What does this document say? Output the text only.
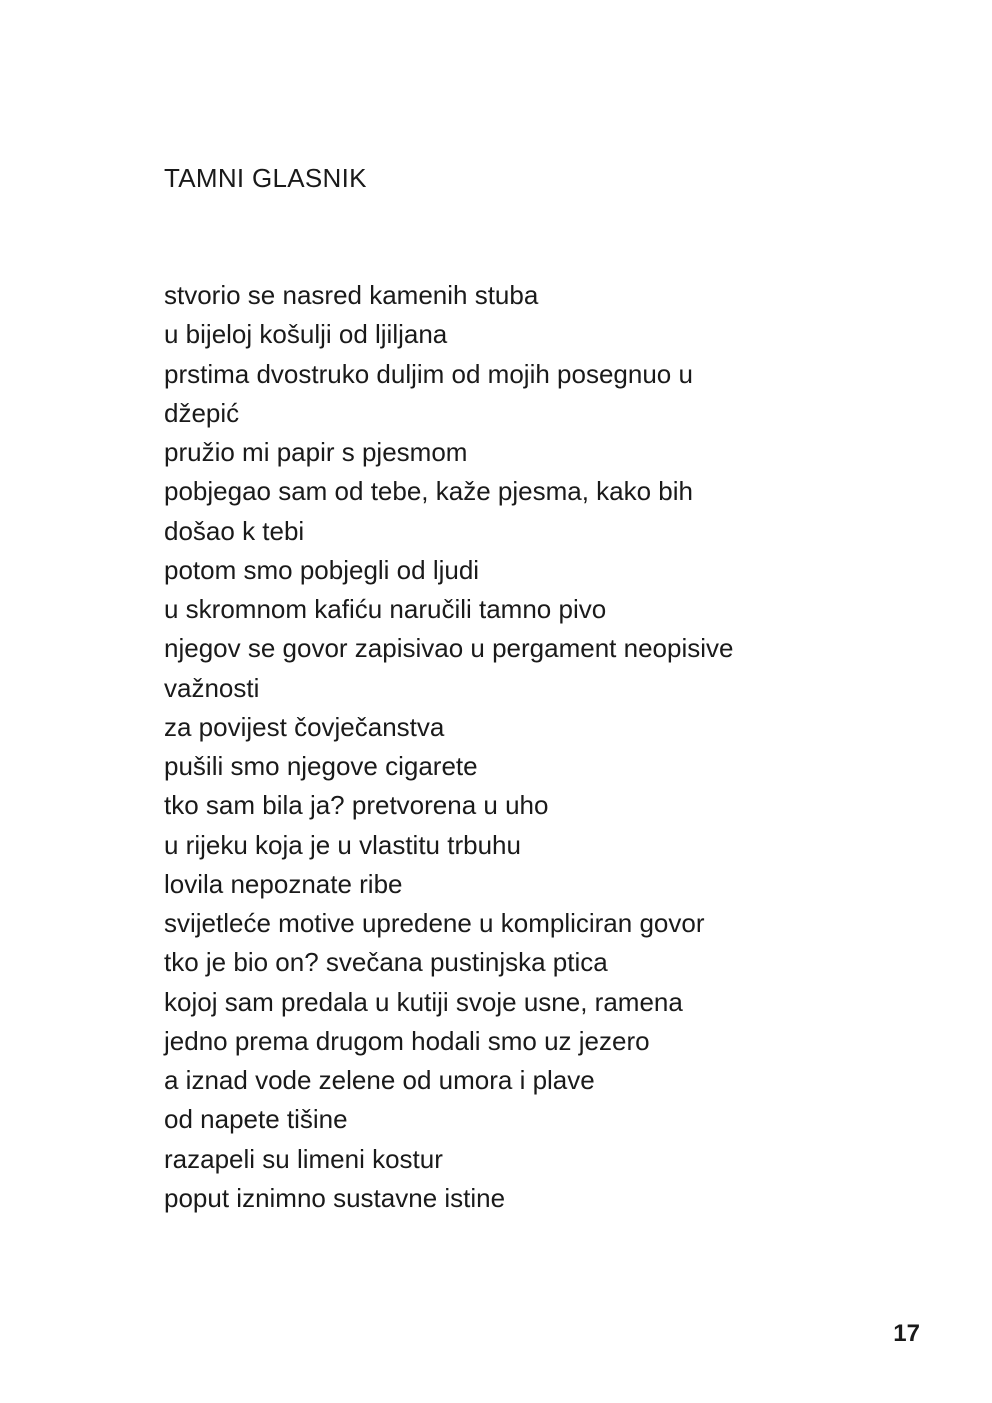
TAMNI GLASNIK
stvorio se nasred kamenih stuba
u bijeloj košulji od ljiljana
prstima dvostruko duljim od mojih posegnuo u
džepić
pružio mi papir s pjesmom
pobjegao sam od tebe, kaže pjesma, kako bih
došao k tebi
potom smo pobjegli od ljudi
u skromnom kafiću naručili tamno pivo
njegov se govor zapisivao u pergament neopisive
važnosti
za povijest čovječanstva
pušili smo njegove cigarete
tko sam bila ja? pretvorena u uho
u rijeku koja je u vlastitu trbuhu
lovila nepoznate ribe
svijetleće motive upredene u kompliciran govor
tko je bio on? svečana pustinjska ptica
kojoj sam predala u kutiji svoje usne, ramena
jedno prema drugom hodali smo uz jezero
a iznad vode zelene od umora i plave
od napete tišine
razapeli su limeni kostur
poput iznimno sustavne istine
17
